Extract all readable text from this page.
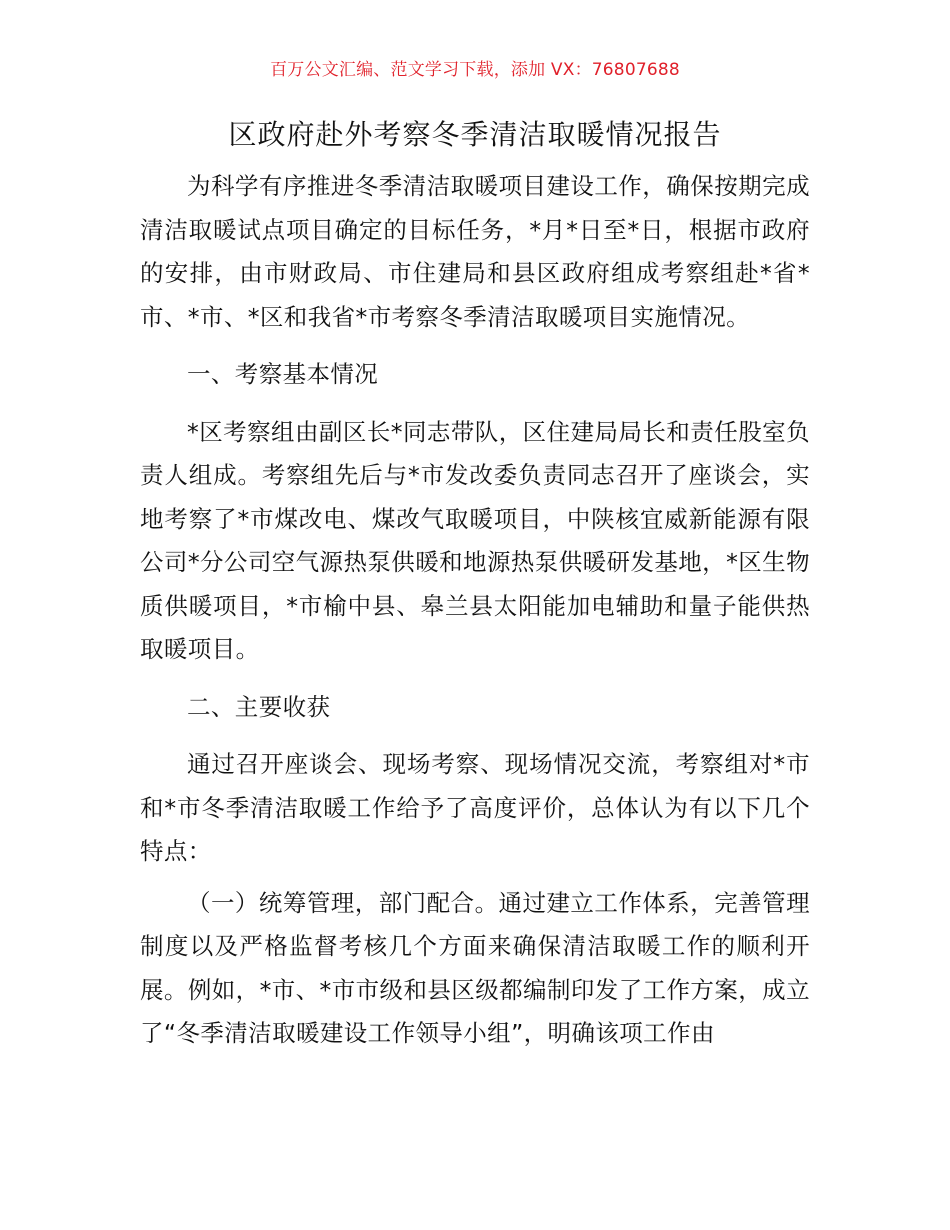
百万公文汇编、范文学习下载，添加 VX：76807688
区政府赴外考察冬季清洁取暖情况报告

为科学有序推进冬季清洁取暖项目建设工作，确保按期完成清洁取暖试点项目确定的目标任务，*月*日至*日，根据市政府的安排，由市财政局、市住建局和县区政府组成考察组赴*省*市、*市、*区和我省*市考察冬季清洁取暖项目实施情况。

一、考察基本情况

*区考察组由副区长*同志带队，区住建局局长和责任股室负责人组成。考察组先后与*市发改委负责同志召开了座谈会，实地考察了*市煤改电、煤改气取暖项目，中陕核宜威新能源有限公司*分公司空气源热泵供暖和地源热泵供暖研发基地，*区生物质供暖项目，*市榆中县、皋兰县太阳能加电辅助和量子能供热取暖项目。

二、主要收获

通过召开座谈会、现场考察、现场情况交流，考察组对*市和*市冬季清洁取暖工作给予了高度评价，总体认为有以下几个特点：

（一）统筹管理，部门配合。通过建立工作体系，完善管理制度以及严格监督考核几个方面来确保清洁取暖工作的顺利开展。例如，*市、*市市级和县区级都编制印发了工作方案，成立了“冬季清洁取暖建设工作领导小组”，明确该项工作由
